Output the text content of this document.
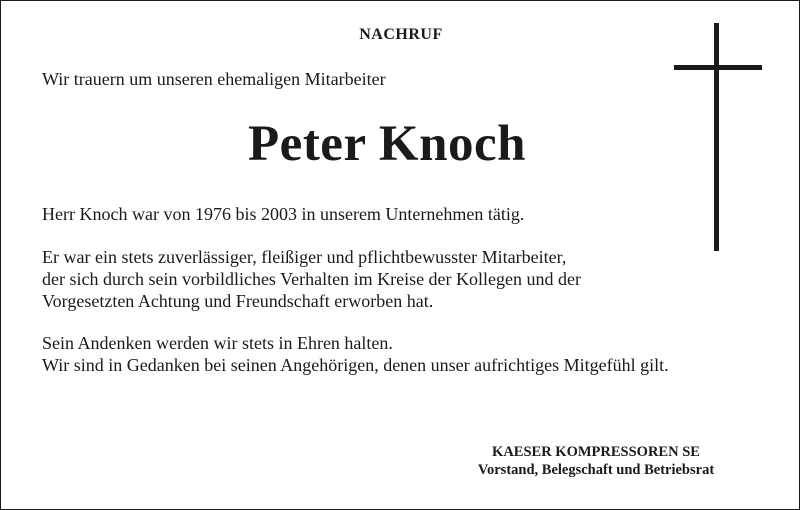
NACHRUF
Wir trauern um unseren ehemaligen Mitarbeiter
Peter Knoch

Herr Knoch war von 1976 bis 2003 in unserem Unternehmen tätig.

Er war ein stets zuverlässiger, fleißiger und pflichtbewusster Mitarbeiter,
der sich durch sein vorbildliches Verhalten im Kreise der Kollegen und der
Vorgesetzten Achtung und Freundschaft erworben hat.

Sein Andenken werden wir stets in Ehren halten.
Wir sind in Gedanken bei seinen Angehörigen, denen unser aufrichtiges Mitgefühl gilt.

KAESER KOMPRESSOREN SE
Vorstand, Belegschaft und Betriebsrat
